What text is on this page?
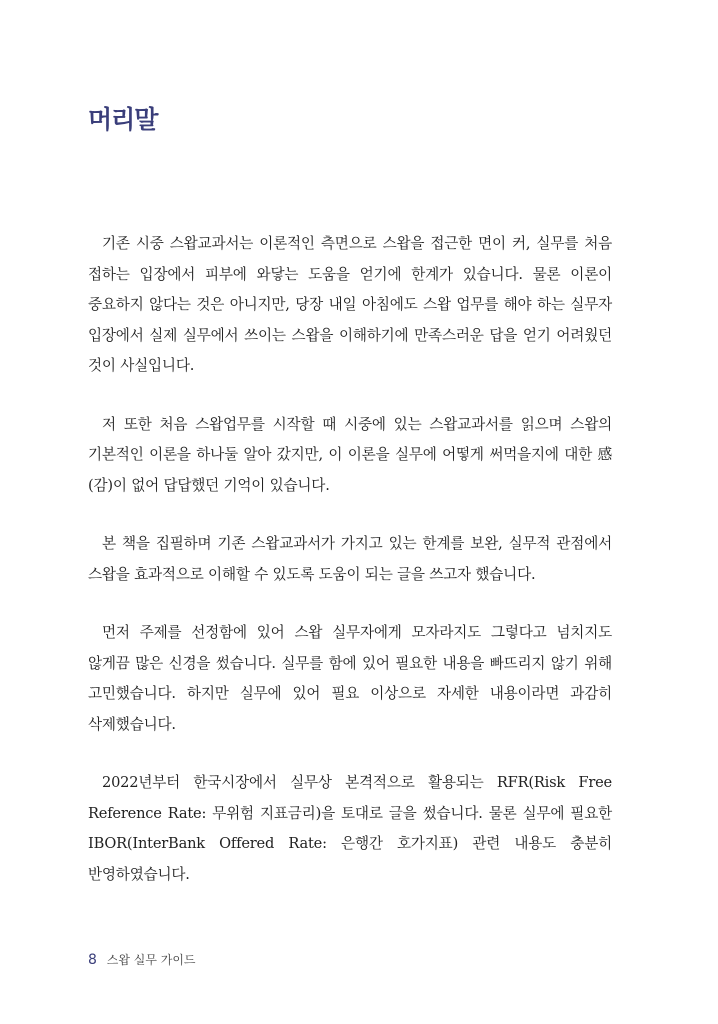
머리말

기존 시중 스왑교과서는 이론적인 측면으로 스왑을 접근한 면이 커, 실무를 처음 접하는 입장에서 피부에 와닿는 도움을 얻기에 한계가 있습니다. 물론 이론이 중요하지 않다는 것은 아니지만, 당장 내일 아침에도 스왑 업무를 해야 하는 실무자 입장에서 실제 실무에서 쓰이는 스왑을 이해하기에 만족스러운 답을 얻기 어려웠던 것이 사실입니다.

저 또한 처음 스왑업무를 시작할 때 시중에 있는 스왑교과서를 읽으며 스왑의 기본적인 이론을 하나둘 알아 갔지만, 이 이론을 실무에 어떻게 써먹을지에 대한 感(감)이 없어 답답했던 기억이 있습니다.

본 책을 집필하며 기존 스왑교과서가 가지고 있는 한계를 보완, 실무적 관점에서 스왑을 효과적으로 이해할 수 있도록 도움이 되는 글을 쓰고자 했습니다.

먼저 주제를 선정함에 있어 스왑 실무자에게 모자라지도 그렇다고 넘치지도 않게끔 많은 신경을 썼습니다. 실무를 함에 있어 필요한 내용을 빠뜨리지 않기 위해 고민했습니다. 하지만 실무에 있어 필요 이상으로 자세한 내용이라면 과감히 삭제했습니다.

2022년부터 한국시장에서 실무상 본격적으로 활용되는 RFR(Risk Free Reference Rate: 무위험 지표금리)을 토대로 글을 썼습니다. 물론 실무에 필요한 IBOR(InterBank Offered Rate: 은행간 호가지표) 관련 내용도 충분히 반영하였습니다.

8 스왑 실무 가이드
